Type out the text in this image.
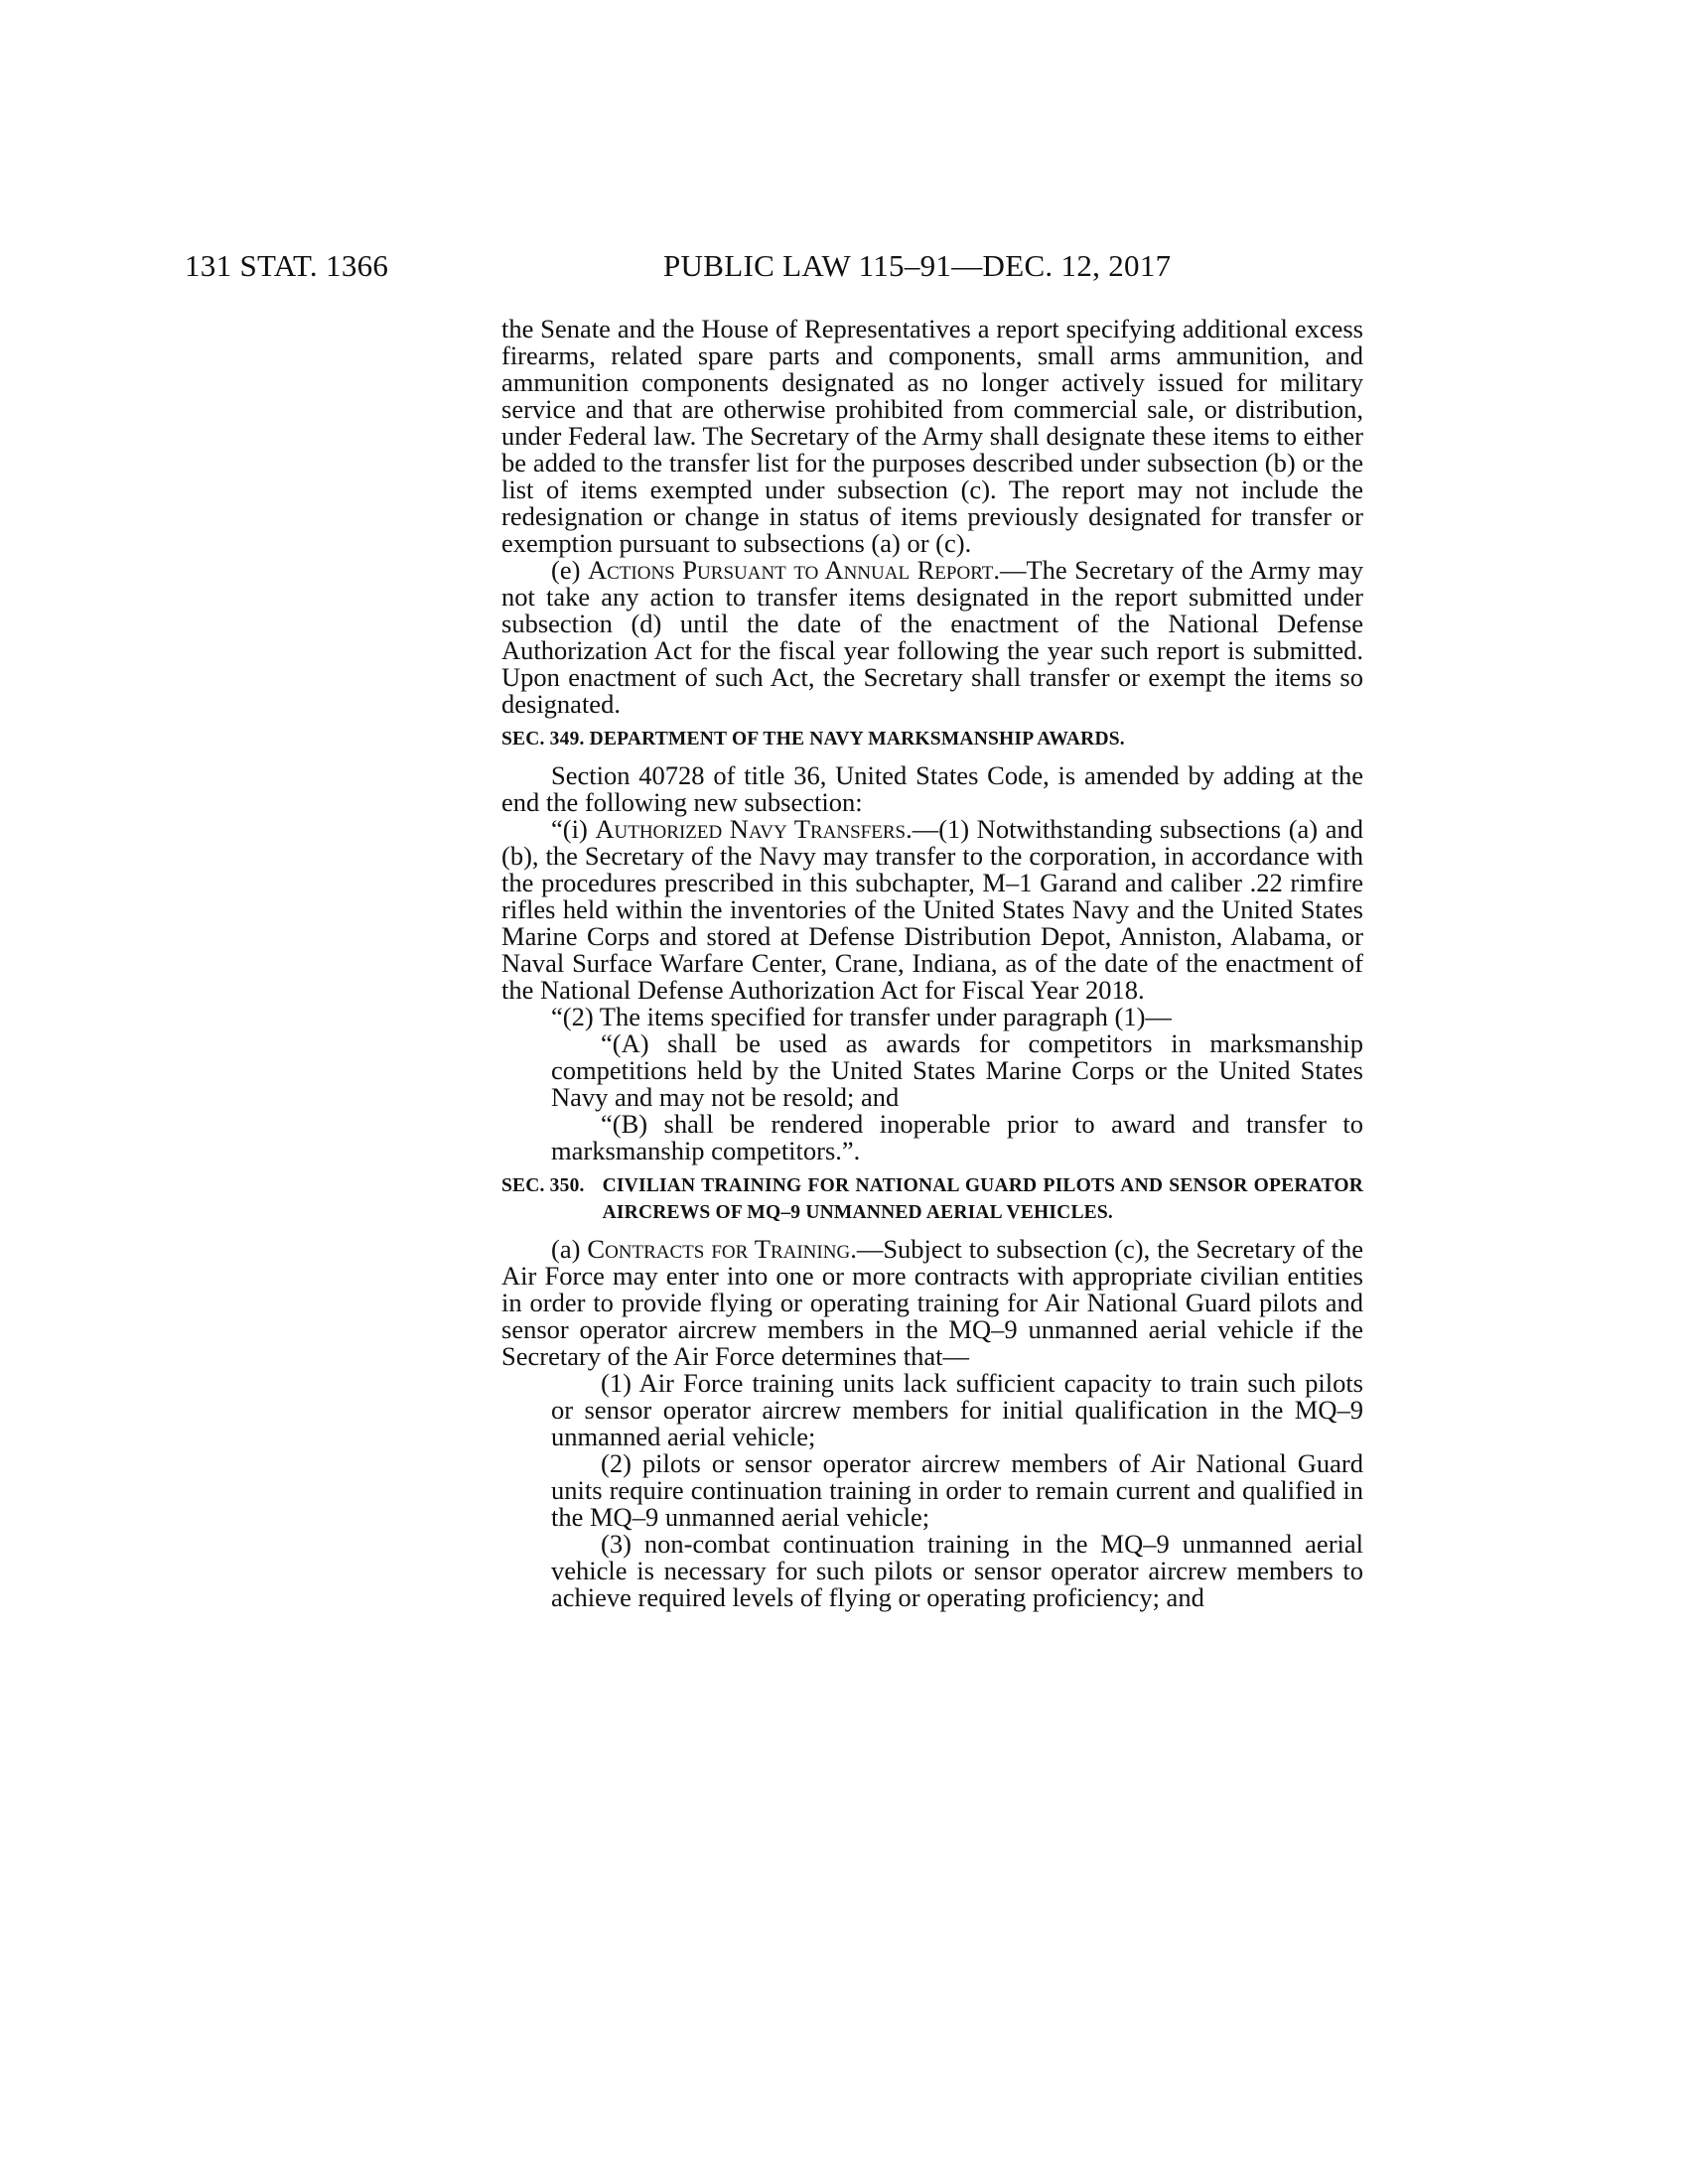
131 STAT. 1366	PUBLIC LAW 115–91—DEC. 12, 2017

the Senate and the House of Representatives a report specifying additional excess firearms, related spare parts and components, small arms ammunition, and ammunition components designated as no longer actively issued for military service and that are otherwise prohibited from commercial sale, or distribution, under Federal law. The Secretary of the Army shall designate these items to either be added to the transfer list for the purposes described under subsection (b) or the list of items exempted under subsection (c). The report may not include the redesignation or change in status of items previously designated for transfer or exemption pursuant to subsections (a) or (c).

(e) Actions Pursuant to Annual Report.—The Secretary of the Army may not take any action to transfer items designated in the report submitted under subsection (d) until the date of the enactment of the National Defense Authorization Act for the fiscal year following the year such report is submitted. Upon enactment of such Act, the Secretary shall transfer or exempt the items so designated.

SEC. 349. DEPARTMENT OF THE NAVY MARKSMANSHIP AWARDS.

Section 40728 of title 36, United States Code, is amended by adding at the end the following new subsection:

“(i) Authorized Navy Transfers.—(1) Notwithstanding subsections (a) and (b), the Secretary of the Navy may transfer to the corporation, in accordance with the procedures prescribed in this subchapter, M–1 Garand and caliber .22 rimfire rifles held within the inventories of the United States Navy and the United States Marine Corps and stored at Defense Distribution Depot, Anniston, Alabama, or Naval Surface Warfare Center, Crane, Indiana, as of the date of the enactment of the National Defense Authorization Act for Fiscal Year 2018.

“(2) The items specified for transfer under paragraph (1)—

“(A) shall be used as awards for competitors in marksmanship competitions held by the United States Marine Corps or the United States Navy and may not be resold; and

“(B) shall be rendered inoperable prior to award and transfer to marksmanship competitors.”.

SEC. 350. CIVILIAN TRAINING FOR NATIONAL GUARD PILOTS AND SENSOR OPERATOR AIRCREWS OF MQ–9 UNMANNED AERIAL VEHICLES.

(a) Contracts for Training.—Subject to subsection (c), the Secretary of the Air Force may enter into one or more contracts with appropriate civilian entities in order to provide flying or operating training for Air National Guard pilots and sensor operator aircrew members in the MQ–9 unmanned aerial vehicle if the Secretary of the Air Force determines that—

(1) Air Force training units lack sufficient capacity to train such pilots or sensor operator aircrew members for initial qualification in the MQ–9 unmanned aerial vehicle;

(2) pilots or sensor operator aircrew members of Air National Guard units require continuation training in order to remain current and qualified in the MQ–9 unmanned aerial vehicle;

(3) non-combat continuation training in the MQ–9 unmanned aerial vehicle is necessary for such pilots or sensor operator aircrew members to achieve required levels of flying or operating proficiency; and
